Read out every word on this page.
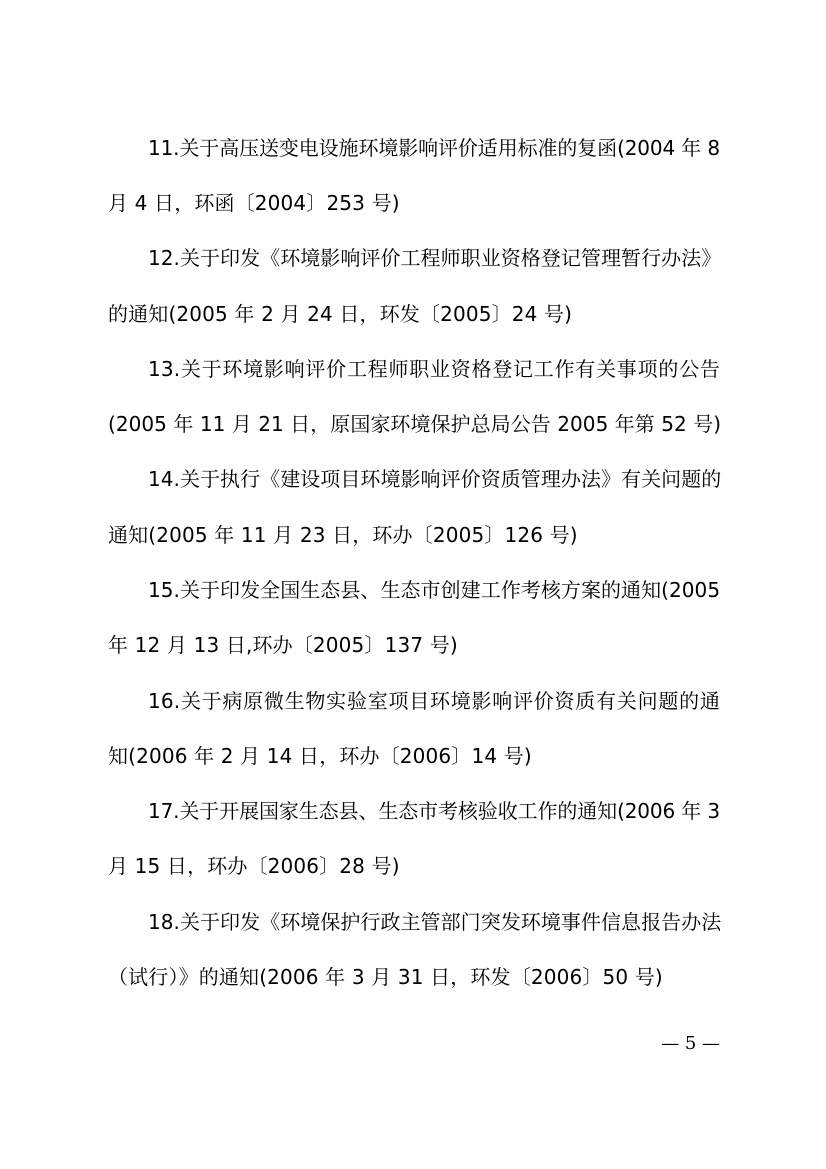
11.关于高压送变电设施环境影响评价适用标准的复函(2004 年 8
月 4 日，环函〔2004〕253 号)
12.关于印发《环境影响评价工程师职业资格登记管理暂行办法》
的通知(2005 年 2 月 24 日，环发〔2005〕24 号)
13.关于环境影响评价工程师职业资格登记工作有关事项的公告
(2005 年 11 月 21 日，原国家环境保护总局公告 2005 年第 52 号)
14.关于执行《建设项目环境影响评价资质管理办法》有关问题的
通知(2005 年 11 月 23 日，环办〔2005〕126 号)
15.关于印发全国生态县、生态市创建工作考核方案的通知(2005
年 12 月 13 日,环办〔2005〕137 号)
16.关于病原微生物实验室项目环境影响评价资质有关问题的通
知(2006 年 2 月 14 日，环办〔2006〕14 号)
17.关于开展国家生态县、生态市考核验收工作的通知(2006 年 3
月 15 日，环办〔2006〕28 号)
18.关于印发《环境保护行政主管部门突发环境事件信息报告办法
（试行）》的通知(2006 年 3 月 31 日，环发〔2006〕50 号)
— 5 —
